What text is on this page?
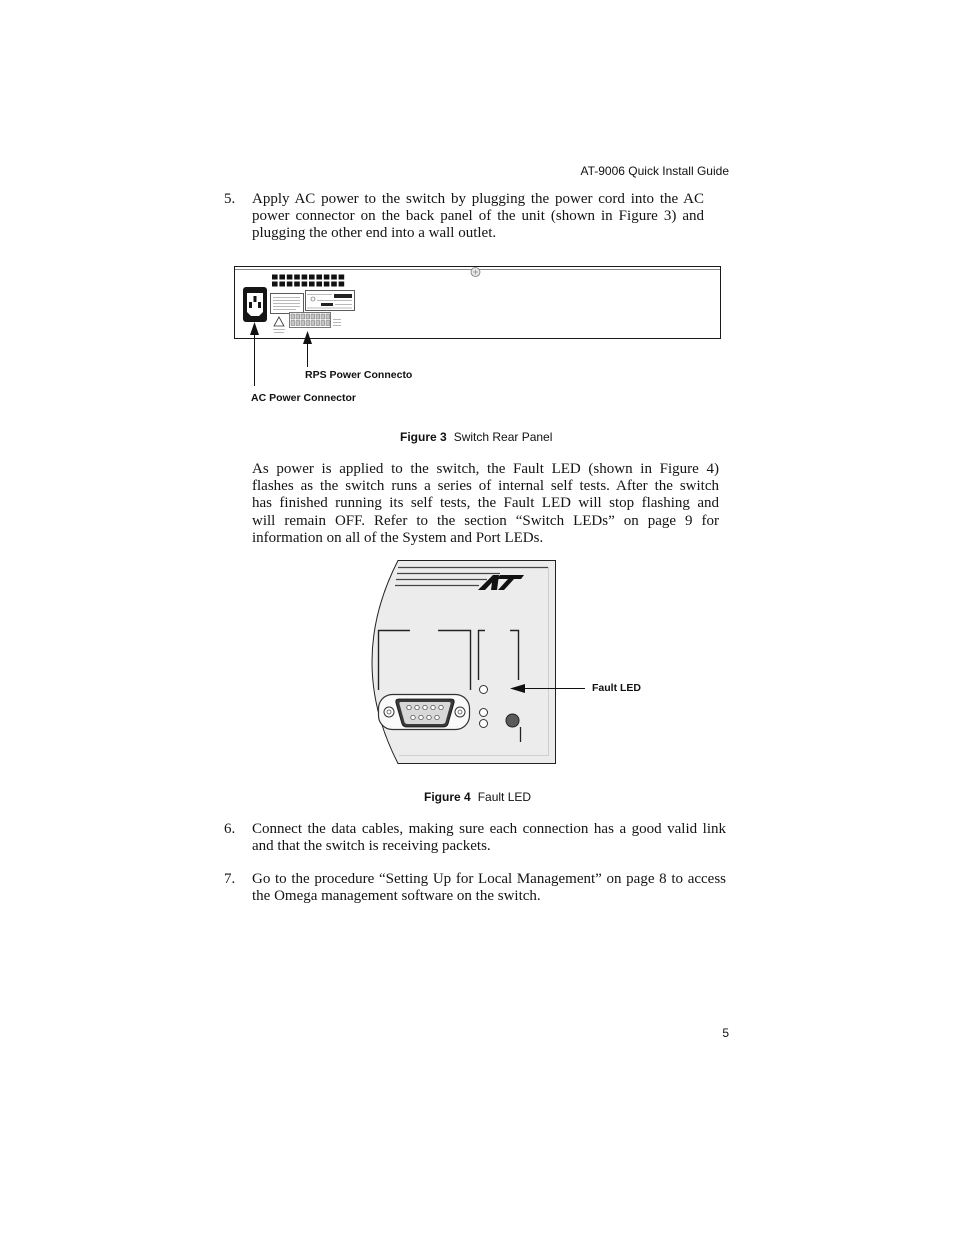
AT-9006 Quick Install Guide
5. Apply AC power to the switch by plugging the power cord into the AC
power connector on the back panel of the unit (shown in Figure 3) and
plugging the other end into a wall outlet.
RPS Power Connecto
AC Power Connector
Figure 3 Switch Rear Panel
As power is applied to the switch, the Fault LED (shown in Figure 4)
flashes as the switch runs a series of internal self tests. After the switch
has finished running its self tests, the Fault LED will stop flashing and
will remain OFF. Refer to the section “Switch LEDs” on page 9 for
information on all of the System and Port LEDs.
Fault LED
Figure 4 Fault LED
6. Connect the data cables, making sure each connection has a good valid link
and that the switch is receiving packets.
7. Go to the procedure “Setting Up for Local Management” on page 8 to access
the Omega management software on the switch.
5
